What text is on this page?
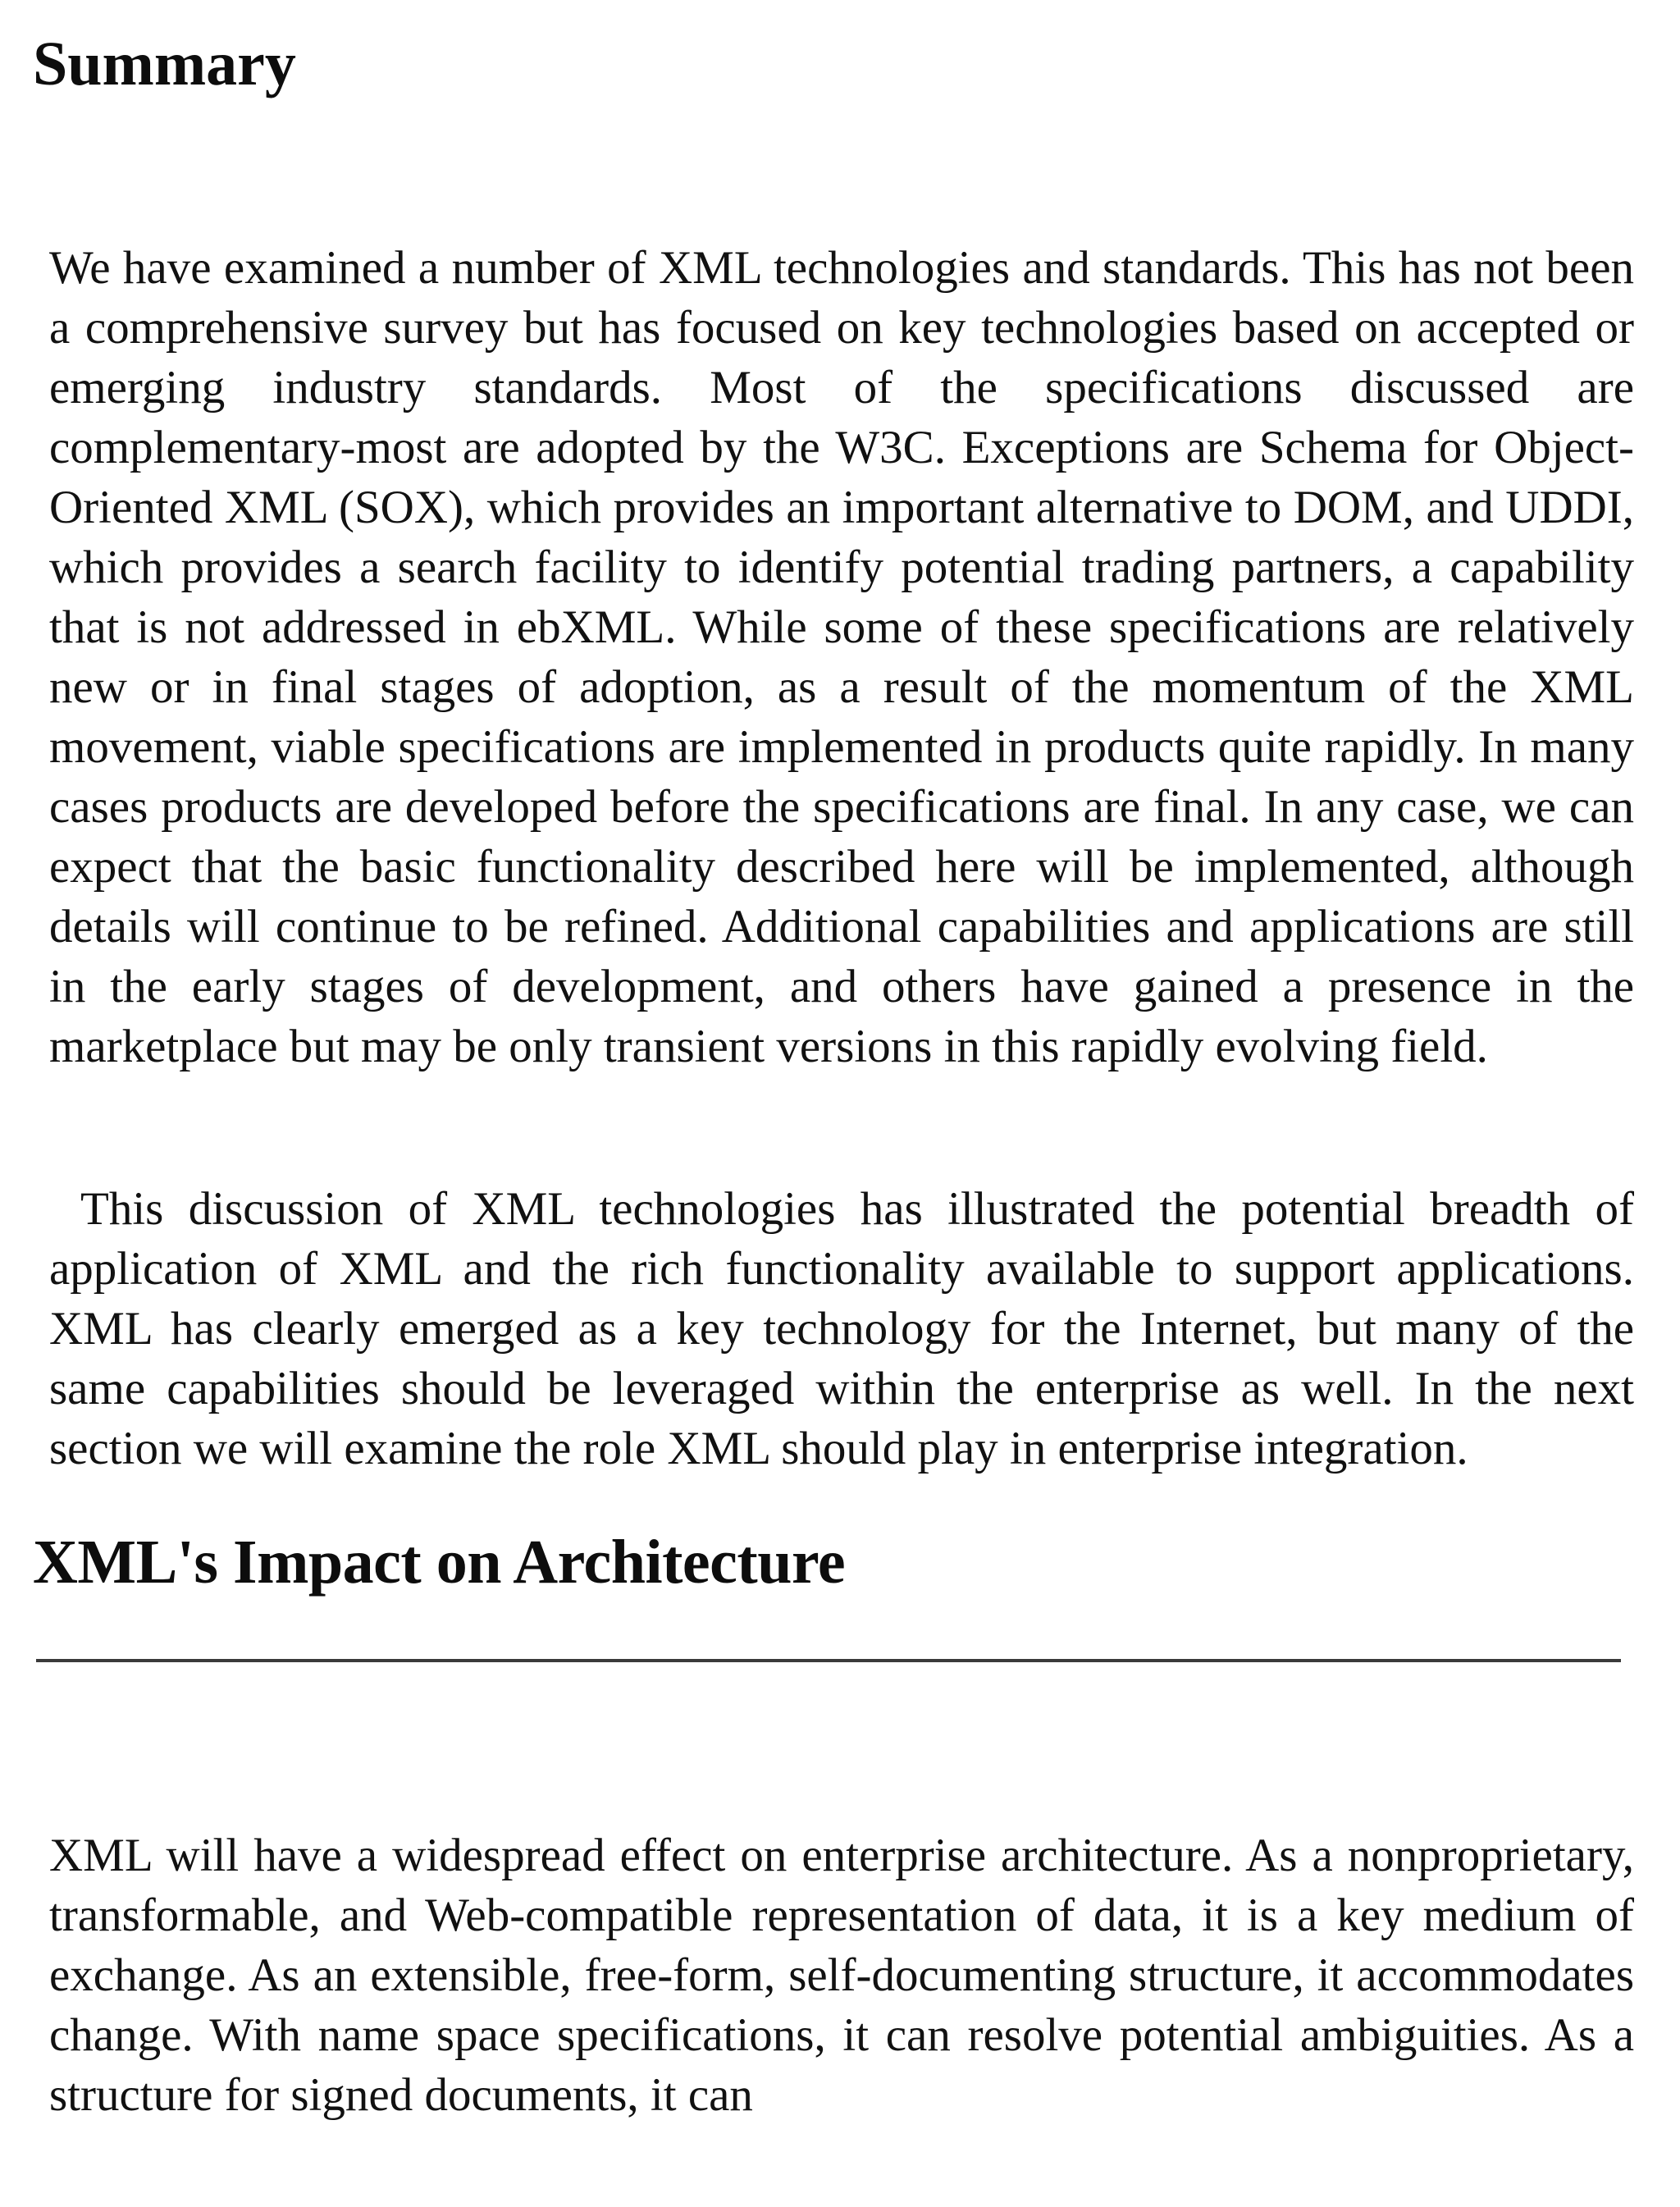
Summary

We have examined a number of XML technologies and standards. This has not been a comprehensive survey but has focused on key technologies based on accepted or emerging industry standards. Most of the specifications discussed are complementary-most are adopted by the W3C. Exceptions are Schema for Object-Oriented XML (SOX), which provides an important alternative to DOM, and UDDI, which provides a search facility to identify potential trading partners, a capability that is not addressed in ebXML. While some of these specifications are relatively new or in final stages of adoption, as a result of the momentum of the XML movement, viable specifications are implemented in products quite rapidly. In many cases products are developed before the specifications are final. In any case, we can expect that the basic functionality described here will be implemented, although details will continue to be refined. Additional capabilities and applications are still in the early stages of development, and others have gained a presence in the marketplace but may be only transient versions in this rapidly evolving field.

This discussion of XML technologies has illustrated the potential breadth of application of XML and the rich functionality available to support applications. XML has clearly emerged as a key technology for the Internet, but many of the same capabilities should be leveraged within the enterprise as well. In the next section we will examine the role XML should play in enterprise integration.

XML's Impact on Architecture

XML will have a widespread effect on enterprise architecture. As a nonproprietary, transformable, and Web-compatible representation of data, it is a key medium of exchange. As an extensible, free-form, self-documenting structure, it accommodates change. With name space specifications, it can resolve potential ambiguities. As a structure for signed documents, it can
